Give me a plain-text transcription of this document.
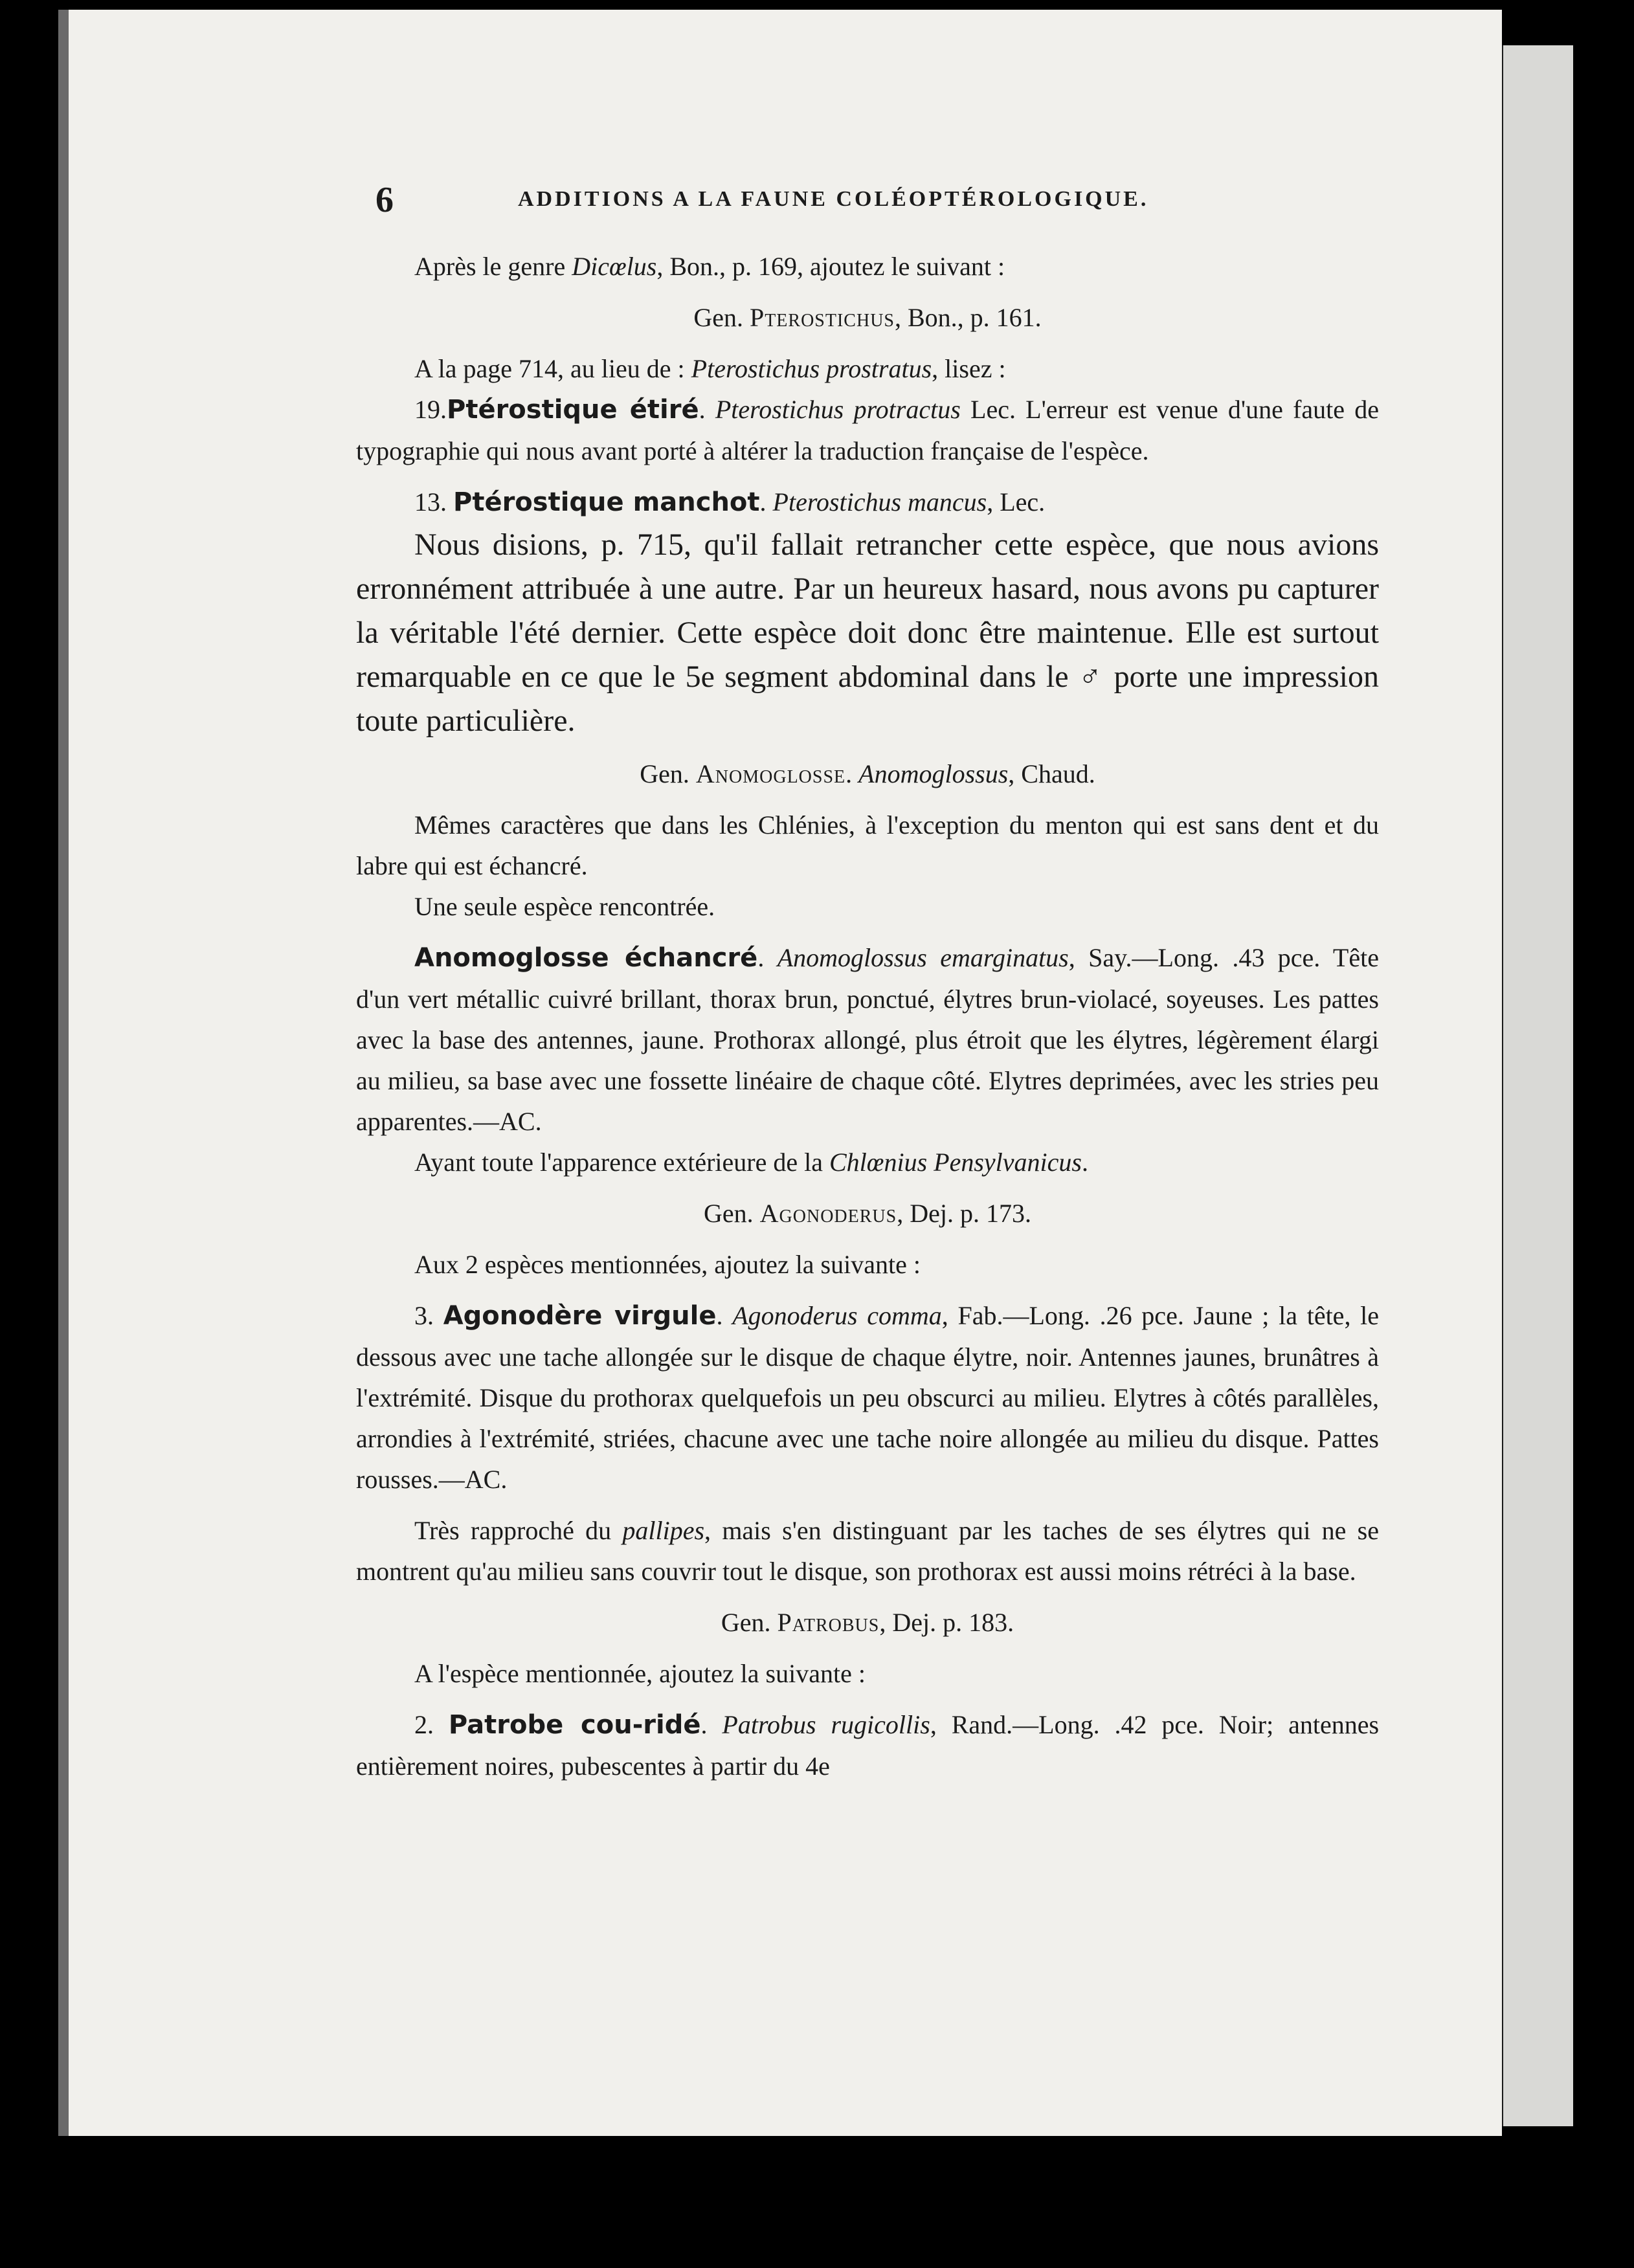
6	ADDITIONS A LA FAUNE COLÉOPTÉROLOGIQUE.

Après le genre Dicœlus, Bon., p. 169, ajoutez le suivant :

Gen. Pterostichus, Bon., p. 161.

A la page 714, au lieu de : Pterostichus prostratus, lisez :

19.Ptérostique étiré. Pterostichus protractus Lec. L'erreur est venue d'une faute de typographie qui nous avant porté à altérer la traduction française de l'espèce.

13. Ptérostique manchot. Pterostichus mancus, Lec.

Nous disions, p. 715, qu'il fallait retrancher cette espèce, que nous avions erronnément attribuée à une autre. Par un heureux hasard, nous avons pu capturer la véritable l'été dernier. Cette espèce doit donc être maintenue. Elle est surtout remarquable en ce que le 5e segment abdominal dans le ♂ porte une impression toute particulière.

Gen. Anomoglosse. Anomoglossus, Chaud.

Mêmes caractères que dans les Chlénies, à l'exception du menton qui est sans dent et du labre qui est échancré.

Une seule espèce rencontrée.

Anomoglosse échancré. Anomoglossus emarginatus, Say.—Long. .43 pce. Tête d'un vert métallic cuivré brillant, thorax brun, ponctué, élytres brun-violacé, soyeuses. Les pattes avec la base des antennes, jaune. Prothorax allongé, plus étroit que les élytres, légèrement élargi au milieu, sa base avec une fossette linéaire de chaque côté. Elytres deprimées, avec les stries peu apparentes.—AC.

Ayant toute l'apparence extérieure de la Chlœnius Pensylvanicus.

Gen. Agonoderus, Dej. p. 173.

Aux 2 espèces mentionnées, ajoutez la suivante :

3. Agonodère virgule. Agonoderus comma, Fab.—Long. .26 pce. Jaune ; la tête, le dessous avec une tache allongée sur le disque de chaque élytre, noir. Antennes jaunes, brunâtres à l'extrémité. Disque du prothorax quelquefois un peu obscurci au milieu. Elytres à côtés parallèles, arrondies à l'extrémité, striées, chacune avec une tache noire allongée au milieu du disque. Pattes rousses.—AC.

Très rapproché du pallipes, mais s'en distinguant par les taches de ses élytres qui ne se montrent qu'au milieu sans couvrir tout le disque, son prothorax est aussi moins rétréci à la base.

Gen. Patrobus, Dej. p. 183.

A l'espèce mentionnée, ajoutez la suivante :

2. Patrobe cou-ridé. Patrobus rugicollis, Rand.—Long. .42 pce. Noir; antennes entièrement noires, pubescentes à partir du 4e
